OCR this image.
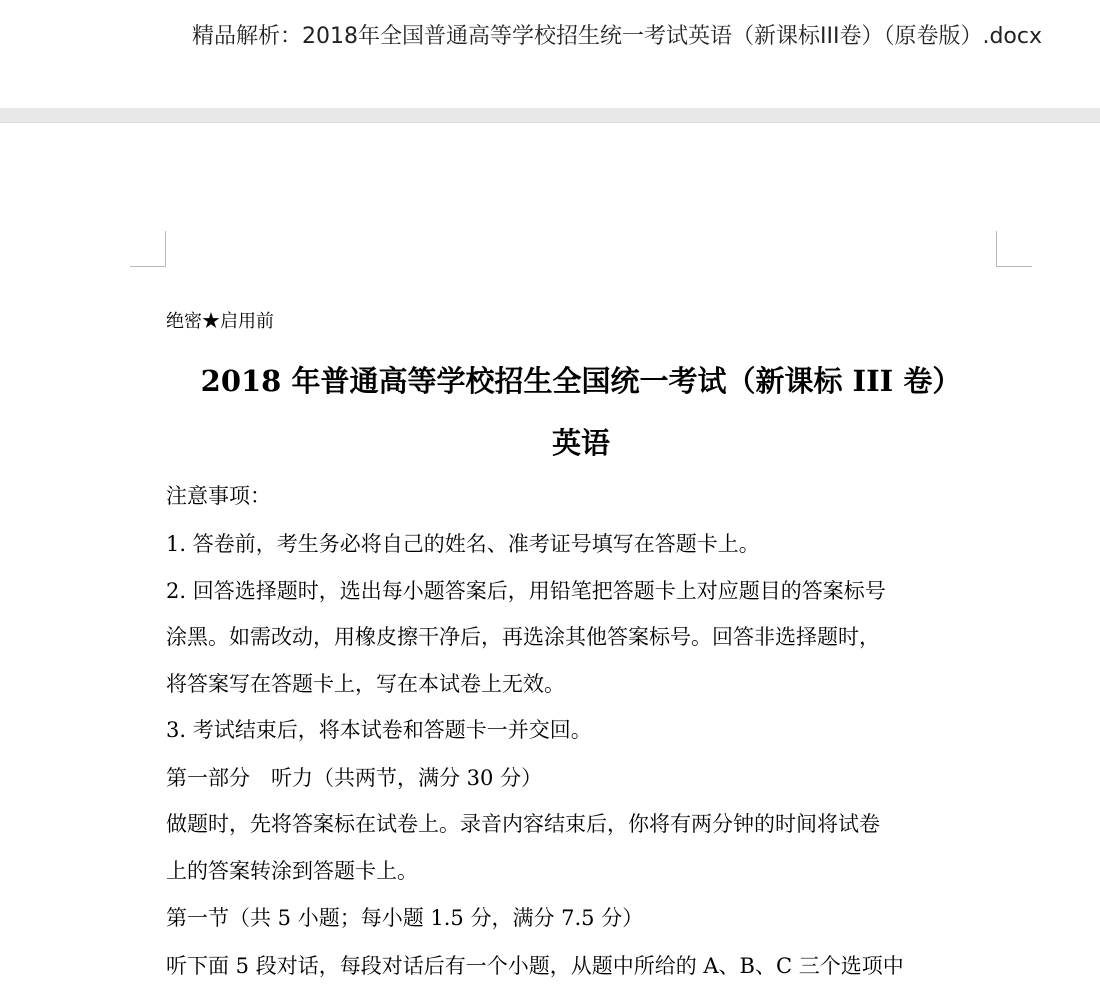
精品解析：2018年全国普通高等学校招生统一考试英语（新课标III卷）（原卷版）.docx
绝密★启用前
2018 年普通高等学校招生全国统一考试（新课标 III 卷）
英语
注意事项：
1. 答卷前，考生务必将自己的姓名、准考证号填写在答题卡上。
2. 回答选择题时，选出每小题答案后，用铅笔把答题卡上对应题目的答案标号
涂黑。如需改动，用橡皮擦干净后，再选涂其他答案标号。回答非选择题时，
将答案写在答题卡上，写在本试卷上无效。
3. 考试结束后，将本试卷和答题卡一并交回。
第一部分　听力（共两节，满分 30 分）
做题时，先将答案标在试卷上。录音内容结束后，你将有两分钟的时间将试卷
上的答案转涂到答题卡上。
第一节（共 5 小题；每小题 1.5 分，满分 7.5 分）
听下面 5 段对话，每段对话后有一个小题，从题中所给的 A、B、C 三个选项中
